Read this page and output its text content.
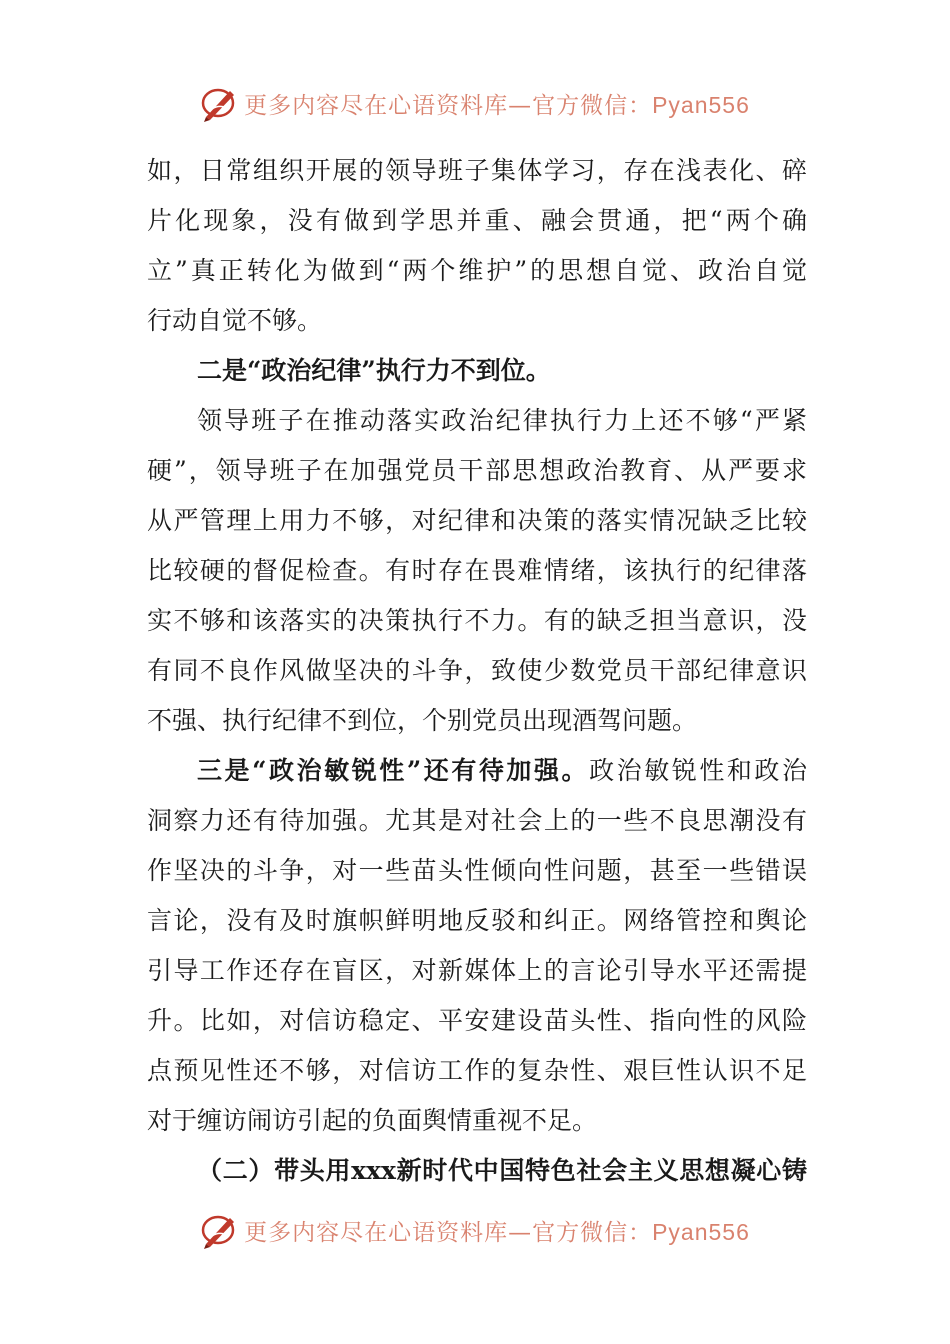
更多内容尽在心语资料库—官方微信：Pyan556
如，日常组织开展的领导班子集体学习，存在浅表化、碎
片化现象，没有做到学思并重、融会贯通，把“两个确
立”真正转化为做到“两个维护”的思想自觉、政治自觉
行动自觉不够。
二是“政治纪律”执行力不到位。
领导班子在推动落实政治纪律执行力上还不够“严紧
硬”，领导班子在加强党员干部思想政治教育、从严要求
从严管理上用力不够，对纪律和决策的落实情况缺乏比较
比较硬的督促检查。有时存在畏难情绪，该执行的纪律落
实不够和该落实的决策执行不力。有的缺乏担当意识，没
有同不良作风做坚决的斗争，致使少数党员干部纪律意识
不强、执行纪律不到位，个别党员出现酒驾问题。
三是“政治敏锐性”还有待加强。政治敏锐性和政治
洞察力还有待加强。尤其是对社会上的一些不良思潮没有
作坚决的斗争，对一些苗头性倾向性问题，甚至一些错误
言论，没有及时旗帜鲜明地反驳和纠正。网络管控和舆论
引导工作还存在盲区，对新媒体上的言论引导水平还需提
升。比如，对信访稳定、平安建设苗头性、指向性的风险
点预见性还不够，对信访工作的复杂性、艰巨性认识不足
对于缠访闹访引起的负面舆情重视不足。
（二）带头用xxx新时代中国特色社会主义思想凝心铸
更多内容尽在心语资料库—官方微信：Pyan556
